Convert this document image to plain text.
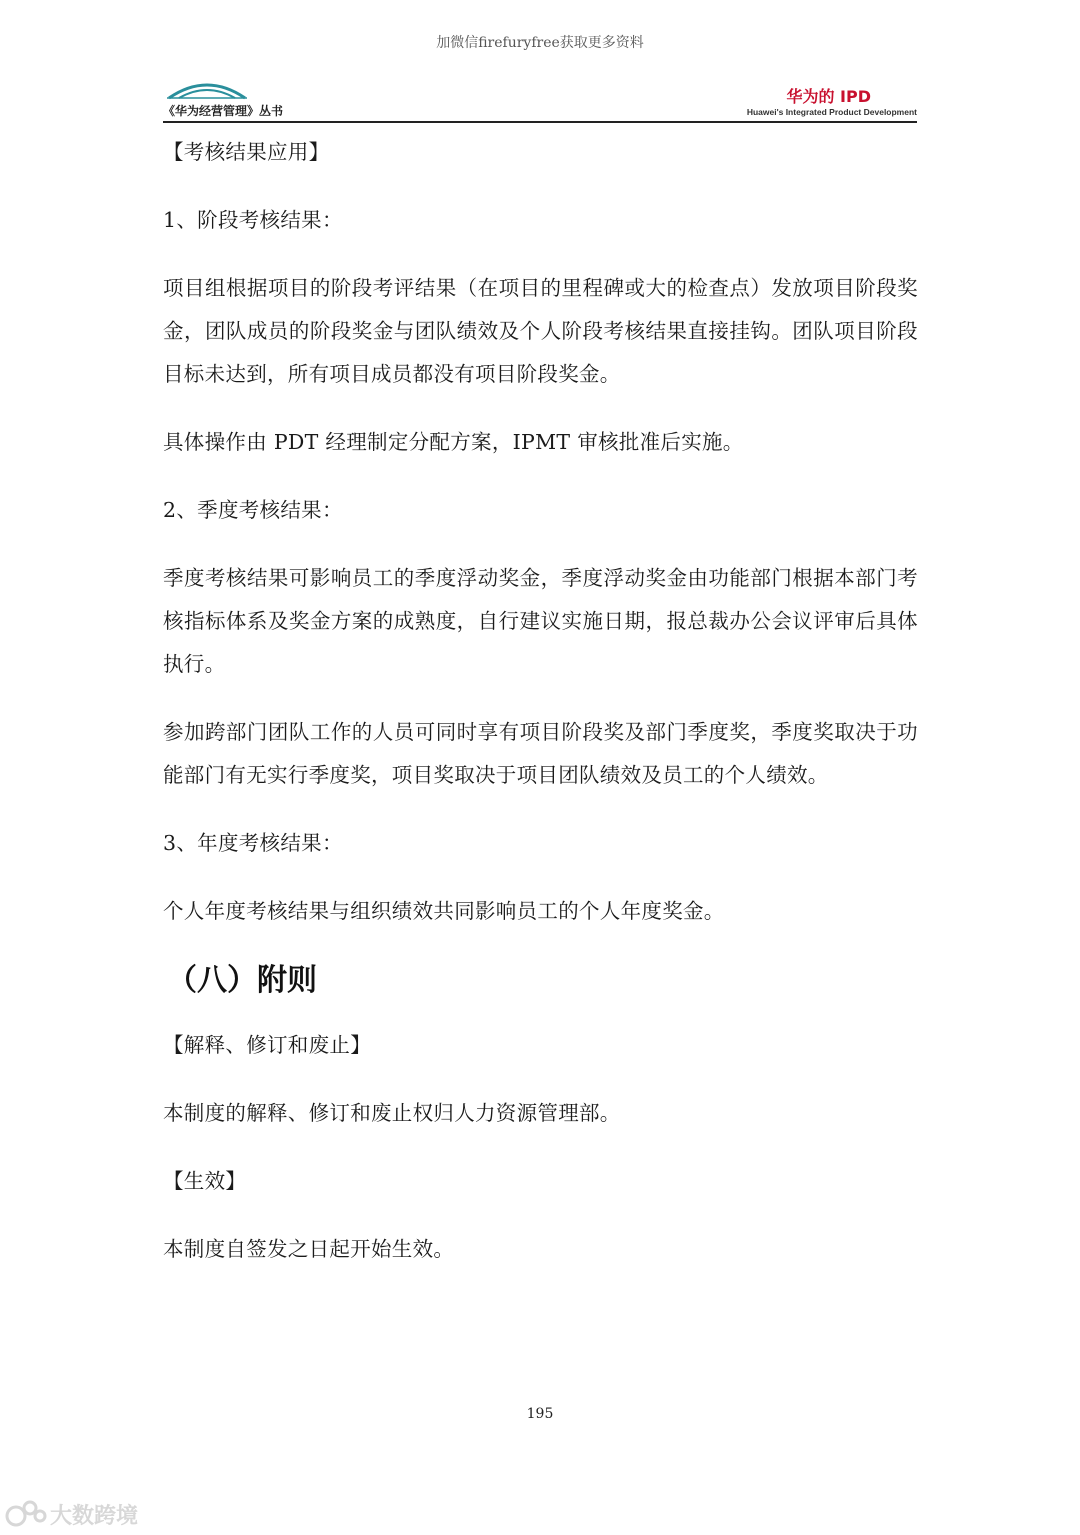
加微信firefuryfree获取更多资料
《华为经营管理》丛书
华为的 IPD
Huawei's Integrated Product Development

【考核结果应用】

1、阶段考核结果：

项目组根据项目的阶段考评结果（在项目的里程碑或大的检查点）发放项目阶段奖金，团队成员的阶段奖金与团队绩效及个人阶段考核结果直接挂钩。团队项目阶段目标未达到，所有项目成员都没有项目阶段奖金。

具体操作由 PDT 经理制定分配方案，IPMT 审核批准后实施。

2、季度考核结果：

季度考核结果可影响员工的季度浮动奖金，季度浮动奖金由功能部门根据本部门考核指标体系及奖金方案的成熟度，自行建议实施日期，报总裁办公会议评审后具体执行。

参加跨部门团队工作的人员可同时享有项目阶段奖及部门季度奖，季度奖取决于功能部门有无实行季度奖，项目奖取决于项目团队绩效及员工的个人绩效。

3、年度考核结果：

个人年度考核结果与组织绩效共同影响员工的个人年度奖金。

（八）附则

【解释、修订和废止】

本制度的解释、修订和废止权归人力资源管理部。

【生效】

本制度自签发之日起开始生效。

195
大数跨境
